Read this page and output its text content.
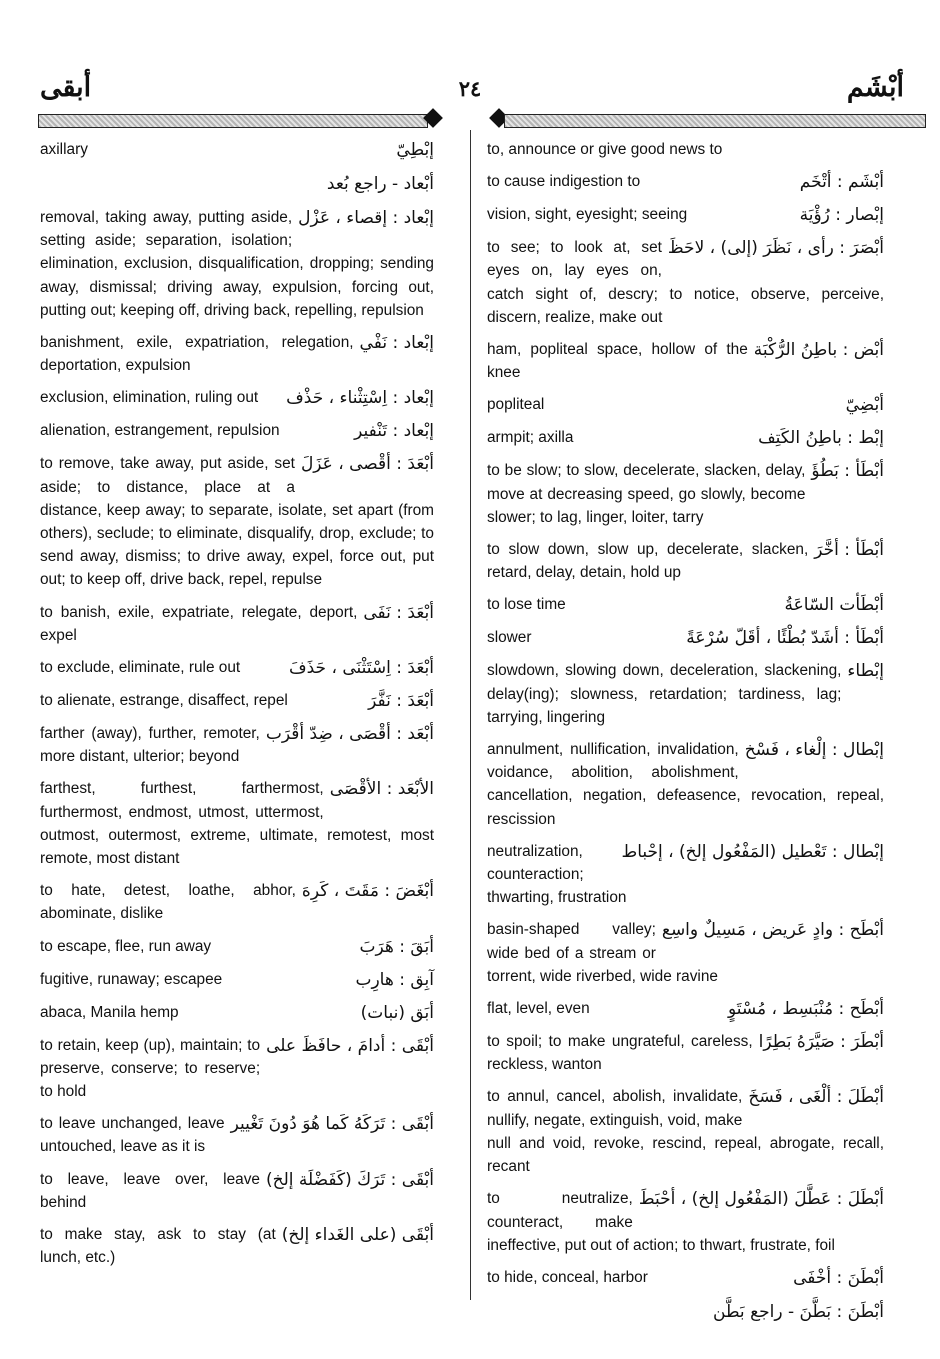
أبقى	٢٤	أبْشَم
إبْطِيّ
axillary
أبْعاد - راجع بُعد
إبْعاد : إقصاء ، عَزْل
removal, taking away, putting aside, setting aside; separation, isolation; elimination, exclusion, disqualification, dropping; sending away, dismissal; driving away, expulsion, forcing out, putting out; keeping off, driving back, repelling, repulsion
إبْعاد : نَفْي
banishment, exile, expatriation, relegation, deportation, expulsion
إبْعاد : اِسْتِثْناء ، حَذْف
exclusion, elimination, ruling out
إبْعاد : تَنْفير
alienation, estrangement, repulsion
أبْعَدَ : أقْصى ، عَزَلَ
to remove, take away, put aside, set aside; to distance, place at a distance, keep away; to separate, isolate, set apart (from others), seclude; to eliminate, disqualify, drop, exclude; to send away, dismiss; to drive away, expel, force out, put out; to keep off, drive back, repel, repulse
أبْعَدَ : نَفَى
to banish, exile, expatriate, relegate, deport, expel
أبْعَدَ : اِسْتَثْنَى ، حَذَفَ
to exclude, eliminate, rule out
أبْعَدَ : نَفَّرَ
to alienate, estrange, disaffect, repel
أبْعَد : أقْصَى ، ضِدّ أقْرَب
farther (away), further, remoter, more distant, ulterior; beyond
الأبْعَد : الأقْصَى
farthest, furthest, farthermost, furthermost, endmost, utmost, uttermost, outmost, outermost, extreme, ultimate, remotest, most remote, most distant
أبْغَضَ : مَقَتَ ، كَرِهَ
to hate, detest, loathe, abhor, abominate, dislike
أبَقَ : هَرَبَ
to escape, flee, run away
آبِق : هارِب
fugitive, runaway; escapee
أبَق (نبات)
abaca, Manila hemp
أبْقَى : أدامَ ، حافَظَ على
to retain, keep (up), maintain; to preserve, conserve; to reserve; to hold
أبْقَى : تَرَكَهُ كَما هُوَ دُونَ تَغْيير
to leave unchanged, leave untouched, leave as it is
أبْقَى : تَرَكَ (كَفَضْلَة إلخ)
to leave, leave over, leave behind
أبْقَى (على الغَداء إلخ)
to make stay, ask to stay (at lunch, etc.)
to, announce or give good news to
أبْشَم : أتْخَم
to cause indigestion to
إبْصار : رُؤْيَة
vision, sight, eyesight; seeing
أبْصَرَ : رأى ، نَظَرَ (إلى) ، لاحَظَ
to see; to look at, set eyes on, lay eyes on, catch sight of, descry; to notice, observe, perceive, discern, realize, make out
أبْض : باطِنُ الرُّكْبَة
ham, popliteal space, hollow of the knee
أبْضِيّ
popliteal
إبْط : باطِنُ الكَتِف
armpit; axilla
أبْطَأ : بَطُؤَ
to be slow; to slow, decelerate, slacken, delay, move at decreasing speed, go slowly, become slower; to lag, linger, loiter, tarry
أبْطَأ : أخَّرَ
to slow down, slow up, decelerate, slacken, retard, delay, detain, hold up
أبْطَأت السّاعَةُ
to lose time
أبْطَأ : أشَدّ بُطْئًا ، أقَلّ سُرْعَةً
slower
إبْطاء
slowdown, slowing down, deceleration, slackening, delay(ing); slowness, retardation; tardiness, lag; tarrying, lingering
إبْطال : إلْغاء ، فَسْخ
annulment, nullification, invalidation, voidance, abolition, abolishment, cancellation, negation, defeasence, revocation, repeal, rescission
إبْطال : تَعْطيل (المَفْعُول إلخ) ، إحْباط
neutralization, counteraction; thwarting, frustration
أبْطَح : وادٍ عَريض ، مَسِيلٌ واسِع
basin-shaped valley; wide bed of a stream or torrent, wide riverbed, wide ravine
أبْطَح : مُنْبَسِط ، مُسْتَوٍ
flat, level, even
أبْطَرَ : صَيَّرَهُ بَطِرًا
to spoil; to make ungrateful, careless, reckless, wanton
أبْطَلَ : ألْغَى ، فَسَخَ
to annul, cancel, abolish, invalidate, nullify, negate, extinguish, void, make null and void, revoke, rescind, repeal, abrogate, recall, recant
أبْطَلَ : عَطَّلَ (المَفْعُول إلخ) ، أحْبَطَ
to neutralize, counteract, make ineffective, put out of action; to thwart, frustrate, foil
أبْطَنَ : أخْفَى
to hide, conceal, harbor
أبْطَنَ : بَطَّنَ - راجع بَطَّن
